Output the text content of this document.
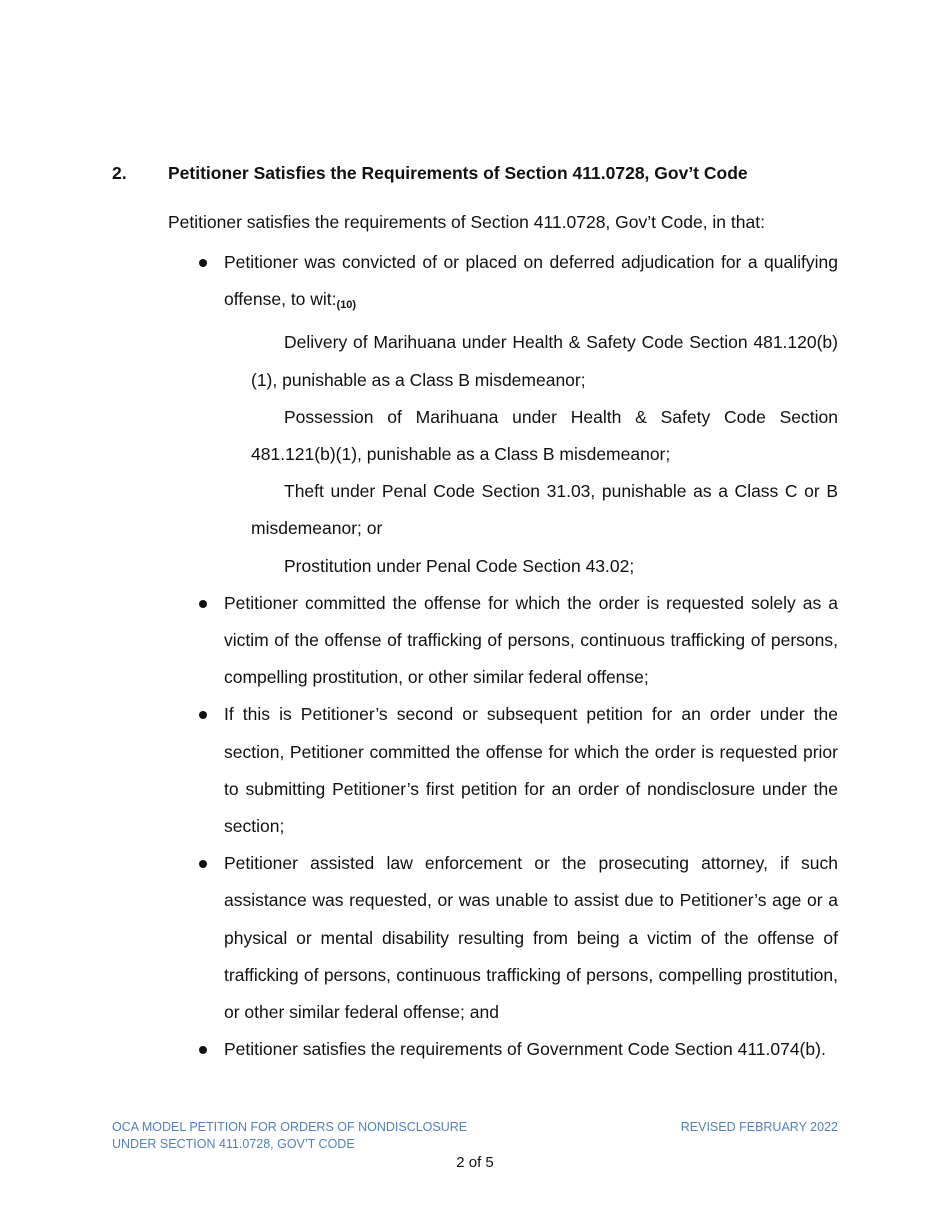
2. Petitioner Satisfies the Requirements of Section 411.0728, Gov’t Code
Petitioner satisfies the requirements of Section 411.0728, Gov’t Code, in that:
Petitioner was convicted of or placed on deferred adjudication for a qualifying offense, to wit:(10)
Delivery of Marihuana under Health & Safety Code Section 481.120(b)(1), punishable as a Class B misdemeanor;
Possession of Marihuana under Health & Safety Code Section 481.121(b)(1), punishable as a Class B misdemeanor;
Theft under Penal Code Section 31.03, punishable as a Class C or B misdemeanor; or
Prostitution under Penal Code Section 43.02;
Petitioner committed the offense for which the order is requested solely as a victim of the offense of trafficking of persons, continuous trafficking of persons, compelling prostitution, or other similar federal offense;
If this is Petitioner’s second or subsequent petition for an order under the section, Petitioner committed the offense for which the order is requested prior to submitting Petitioner’s first petition for an order of nondisclosure under the section;
Petitioner assisted law enforcement or the prosecuting attorney, if such assistance was requested, or was unable to assist due to Petitioner’s age or a physical or mental disability resulting from being a victim of the offense of trafficking of persons, continuous trafficking of persons, compelling prostitution, or other similar federal offense; and
Petitioner satisfies the requirements of Government Code Section 411.074(b).
OCA MODEL PETITION FOR ORDERS OF NONDISCLOSURE
UNDER SECTION 411.0728, GOV’T CODE
REVISED FEBRUARY 2022
2 of 5
